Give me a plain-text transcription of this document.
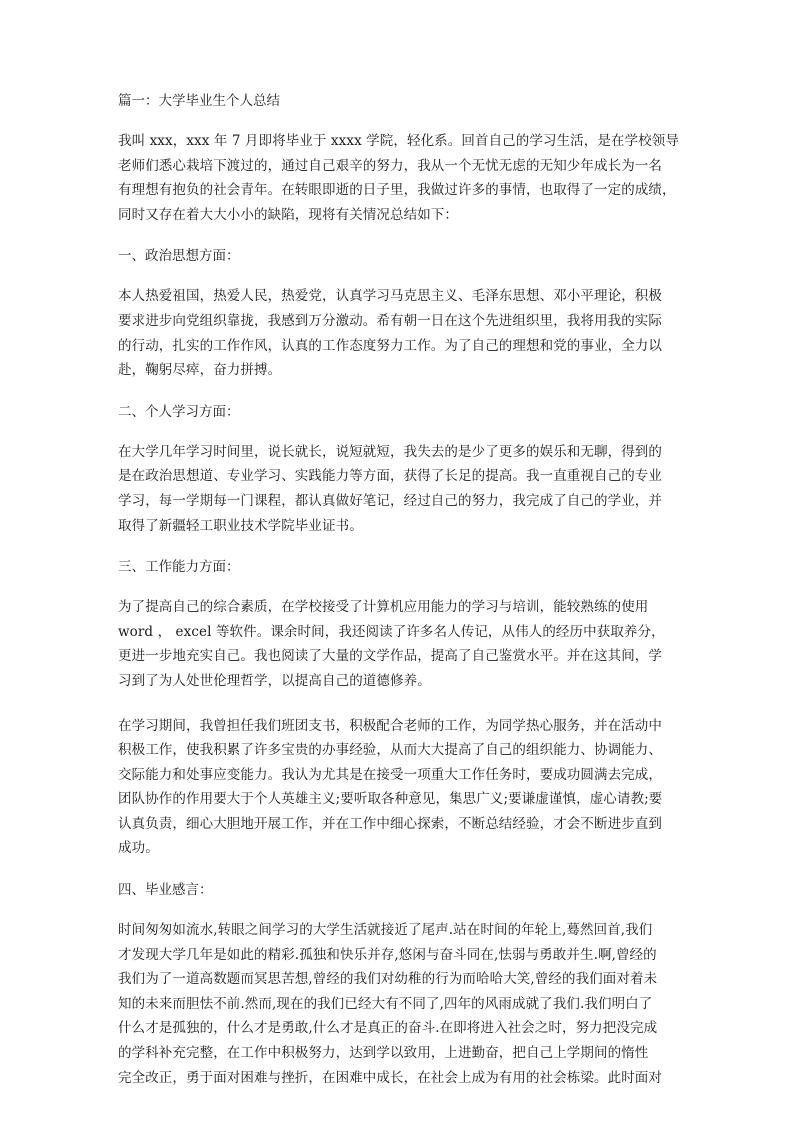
篇一：大学毕业生个人总结
我叫 xxx，xxx 年 7 月即将毕业于 xxxx 学院，轻化系。回首自己的学习生活，是在学校领导
老师们悉心栽培下渡过的，通过自己艰辛的努力，我从一个无忧无虑的无知少年成长为一名
有理想有抱负的社会青年。在转眼即逝的日子里，我做过许多的事情，也取得了一定的成绩，
同时又存在着大大小小的缺陷，现将有关情况总结如下：
一、政治思想方面：
本人热爱祖国，热爱人民，热爱党，认真学习马克思主义、毛泽东思想、邓小平理论，积极
要求进步向党组织靠拢，我感到万分激动。希有朝一日在这个先进组织里，我将用我的实际
的行动，扎实的工作作风，认真的工作态度努力工作。为了自己的理想和党的事业，全力以
赴，鞠躬尽瘁，奋力拼搏。
二、个人学习方面：
在大学几年学习时间里，说长就长，说短就短，我失去的是少了更多的娱乐和无聊，得到的
是在政治思想道、专业学习、实践能力等方面，获得了长足的提高。我一直重视自己的专业
学习，每一学期每一门课程，都认真做好笔记，经过自己的努力，我完成了自己的学业，并
取得了新疆轻工职业技术学院毕业证书。
三、工作能力方面：
为了提高自己的综合素质，在学校接受了计算机应用能力的学习与培训，能较熟练的使用
word ， excel 等软件。课余时间，我还阅读了许多名人传记，从伟人的经历中获取养分，
更进一步地充实自己。我也阅读了大量的文学作品，提高了自己鉴赏水平。并在这其间，学
习到了为人处世伦理哲学，以提高自己的道德修养。
在学习期间，我曾担任我们班团支书，积极配合老师的工作，为同学热心服务，并在活动中
积极工作，使我积累了许多宝贵的办事经验，从而大大提高了自己的组织能力、协调能力、
交际能力和处事应变能力。我认为尤其是在接受一项重大工作任务时，要成功圆满去完成，
团队协作的作用要大于个人英雄主义;要听取各种意见，集思广义;要谦虚谨慎，虚心请教;要
认真负责，细心大胆地开展工作，并在工作中细心探索，不断总结经验，才会不断进步直到
成功。
四、毕业感言：
时间匆匆如流水,转眼之间学习的大学生活就接近了尾声.站在时间的年轮上,蓦然回首,我们
才发现大学几年是如此的精彩.孤独和快乐并存,悠闲与奋斗同在,怯弱与勇敢并生.啊,曾经的
我们为了一道高数题而冥思苦想,曾经的我们对幼稚的行为而哈哈大笑,曾经的我们面对着未
知的未来而胆怯不前.然而,现在的我们已经大有不同了,四年的风雨成就了我们.我们明白了
什么才是孤独的，什么才是勇敢,什么才是真正的奋斗.在即将进入社会之时，努力把没完成
的学科补充完整，在工作中积极努力，达到学以致用，上进勤奋，把自己上学期间的惰性
完全改正，勇于面对困难与挫折，在困难中成长，在社会上成为有用的社会栋梁。此时面对
